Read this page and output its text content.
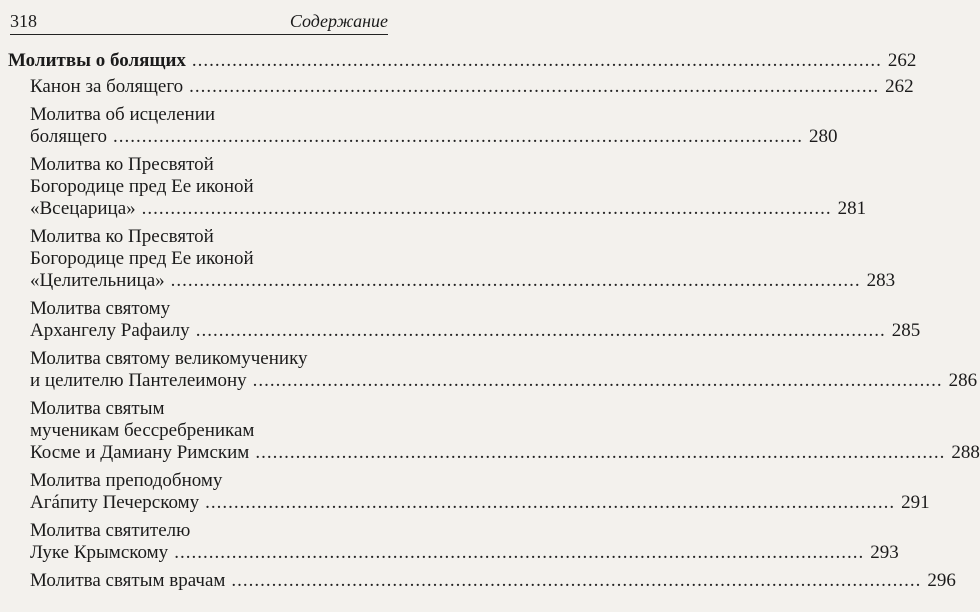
318	Содержание
Молитвы о болящих ........................................................................................................................ 262
Канон за болящего ........................................................................................................................ 262
Молитва об исцелении
болящего ........................................................................................................................ 280
Молитва ко Пресвятой
Богородице пред Ее иконой
«Всецарица» ........................................................................................................................ 281
Молитва ко Пресвятой
Богородице пред Ее иконой
«Целительница» ........................................................................................................................ 283
Молитва святому
Архангелу Рафаилу ........................................................................................................................ 285
Молитва святому великомученику
и целителю Пантелеимону ........................................................................................................................ 286
Молитва святым
мученикам бессребреникам
Косме и Дамиану Римским ........................................................................................................................ 288
Молитва преподобному
Агáпиту Печерскому ........................................................................................................................ 291
Молитва святителю
Луке Крымскому ........................................................................................................................ 293
Молитва святым врачам ........................................................................................................................ 296
